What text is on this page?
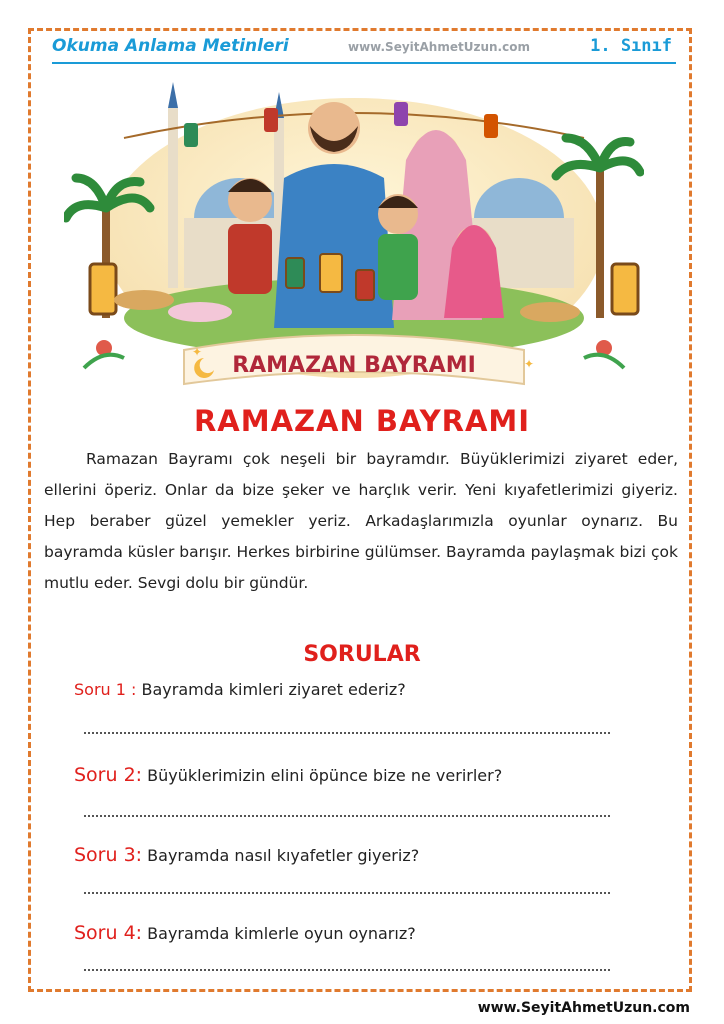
Okuma Anlama Metinleri	www.SeyitAhmetUzun.com	1. Sınıf
RAMAZAN BAYRAMI
✦
✦
RAMAZAN BAYRAMI

Ramazan Bayramı çok neşeli bir bayramdır. Büyüklerimizi ziyaret eder, ellerini öperiz. Onlar da bize şeker ve harçlık verir. Yeni kıyafetlerimizi giyeriz. Hep beraber güzel yemekler yeriz. Arkadaşlarımızla oyunlar oynarız. Bu bayramda küsler barışır. Herkes birbirine gülümser. Bayramda paylaşmak bizi çok mutlu eder. Sevgi dolu bir gündür.

SORULAR
Soru 1 : Bayramda kimleri ziyaret ederiz?
Soru 2: Büyüklerimizin elini öpünce bize ne verirler?
Soru 3: Bayramda nasıl kıyafetler giyeriz?
Soru 4: Bayramda kimlerle oyun oynarız?
www.SeyitAhmetUzun.com
